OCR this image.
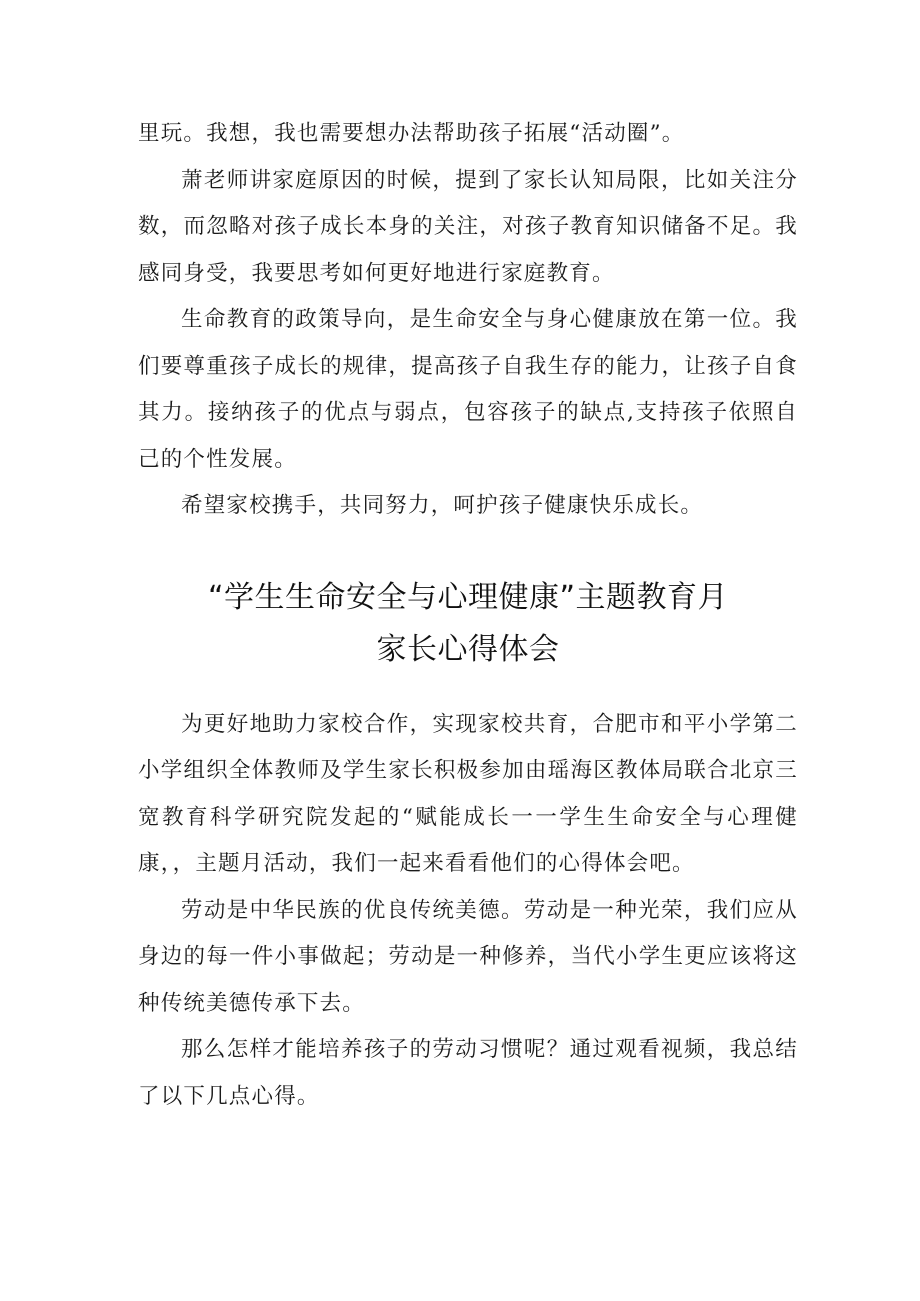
里玩。我想，我也需要想办法帮助孩子拓展“活动圈”。

萧老师讲家庭原因的时候，提到了家长认知局限，比如关注分数，而忽略对孩子成长本身的关注，对孩子教育知识储备不足。我感同身受，我要思考如何更好地进行家庭教育。

生命教育的政策导向，是生命安全与身心健康放在第一位。我们要尊重孩子成长的规律，提高孩子自我生存的能力，让孩子自食其力。接纳孩子的优点与弱点，包容孩子的缺点,支持孩子依照自己的个性发展。

希望家校携手，共同努力，呵护孩子健康快乐成长。

“学生生命安全与心理健康”主题教育月
家长心得体会

为更好地助力家校合作，实现家校共育，合肥市和平小学第二小学组织全体教师及学生家长积极参加由瑶海区教体局联合北京三宽教育科学研究院发起的“赋能成长一一学生生命安全与心理健康，，主题月活动，我们一起来看看他们的心得体会吧。

劳动是中华民族的优良传统美德。劳动是一种光荣，我们应从身边的每一件小事做起；劳动是一种修养，当代小学生更应该将这种传统美德传承下去。

那么怎样才能培养孩子的劳动习惯呢？通过观看视频，我总结了以下几点心得。
